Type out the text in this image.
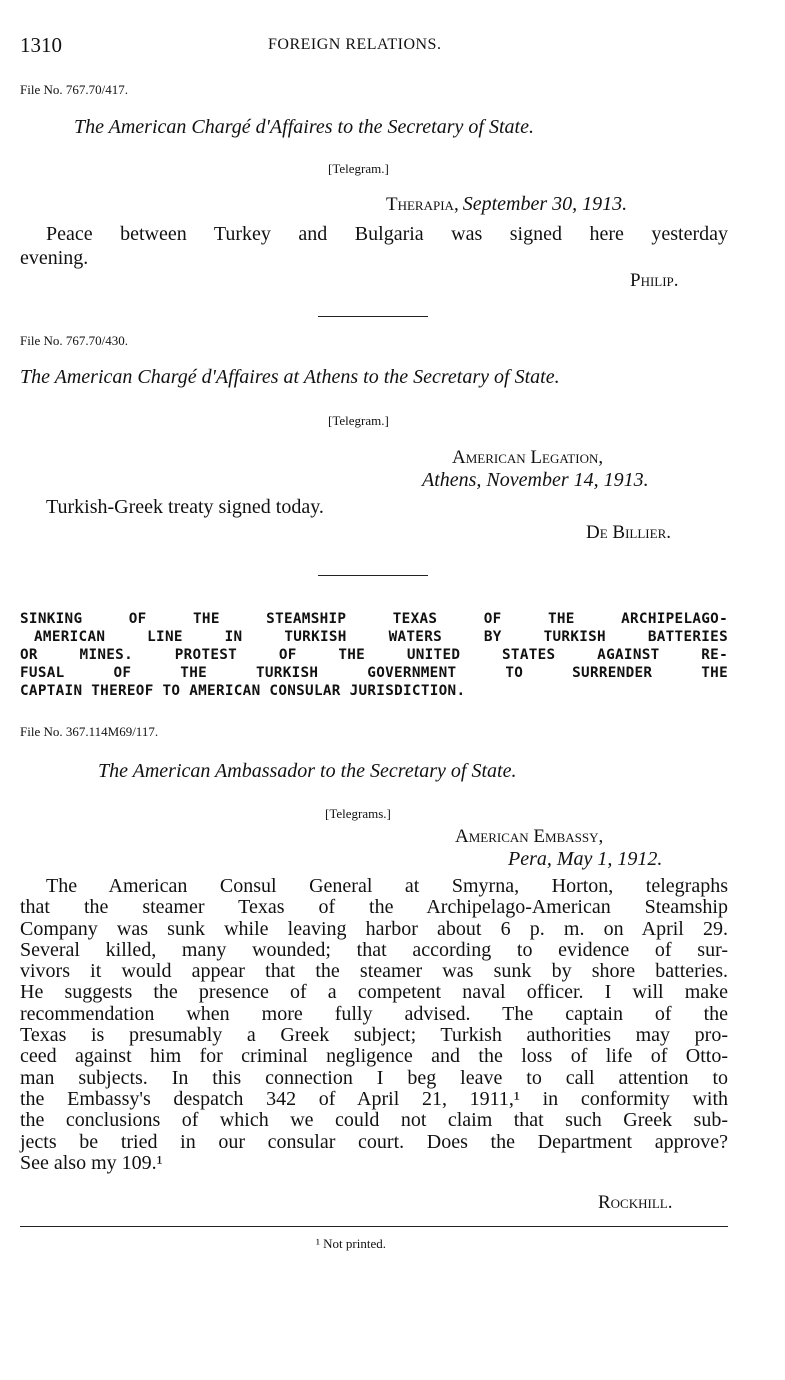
1310	FOREIGN RELATIONS.
File No. 767.70/417.
The American Chargé d'Affaires to the Secretary of State.
[Telegram.]
Therapia, September 30, 1913.
Peace between Turkey and Bulgaria was signed here yesterday
evening.
Philip.
File No. 767.70/430.
The American Chargé d'Affaires at Athens to the Secretary of State.
[Telegram.]
American Legation,
Athens, November 14, 1913.
Turkish-Greek treaty signed today.
De Billier.
SINKING OF THE STEAMSHIP TEXAS OF THE ARCHIPELAGO-
AMERICAN LINE IN TURKISH WATERS BY TURKISH BATTERIES
OR MINES. PROTEST OF THE UNITED STATES AGAINST RE-
FUSAL OF THE TURKISH GOVERNMENT TO SURRENDER THE
CAPTAIN THEREOF TO AMERICAN CONSULAR JURISDICTION.
File No. 367.114M69/117.
The American Ambassador to the Secretary of State.
[Telegrams.]
American Embassy,
Pera, May 1, 1912.
The American Consul General at Smyrna, Horton, telegraphs
that the steamer Texas of the Archipelago-American Steamship
Company was sunk while leaving harbor about 6 p. m. on April 29.
Several killed, many wounded; that according to evidence of sur-
vivors it would appear that the steamer was sunk by shore batteries.
He suggests the presence of a competent naval officer. I will make
recommendation when more fully advised. The captain of the
Texas is presumably a Greek subject; Turkish authorities may pro-
ceed against him for criminal negligence and the loss of life of Otto-
man subjects. In this connection I beg leave to call attention to
the Embassy's despatch 342 of April 21, 1911,¹ in conformity with
the conclusions of which we could not claim that such Greek sub-
jects be tried in our consular court. Does the Department approve?
See also my 109.¹
Rockhill.
¹ Not printed.
